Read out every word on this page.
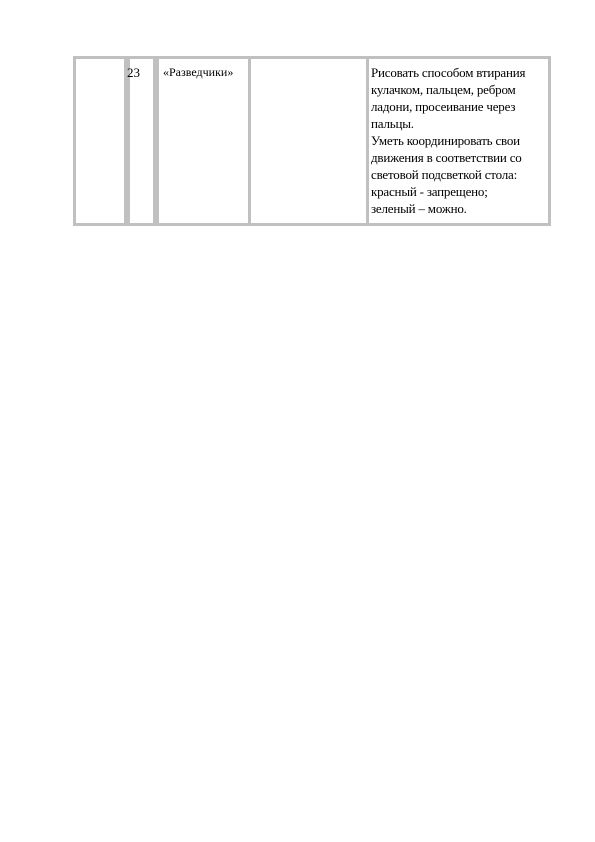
23	«Разведчики»	Рисовать способом втирания кулачком, пальцем, ребром ладони, просеивание через пальцы.
Уметь координировать свои движения в соответствии со световой подсветкой стола:
красный - запрещено;
зеленый – можно.
